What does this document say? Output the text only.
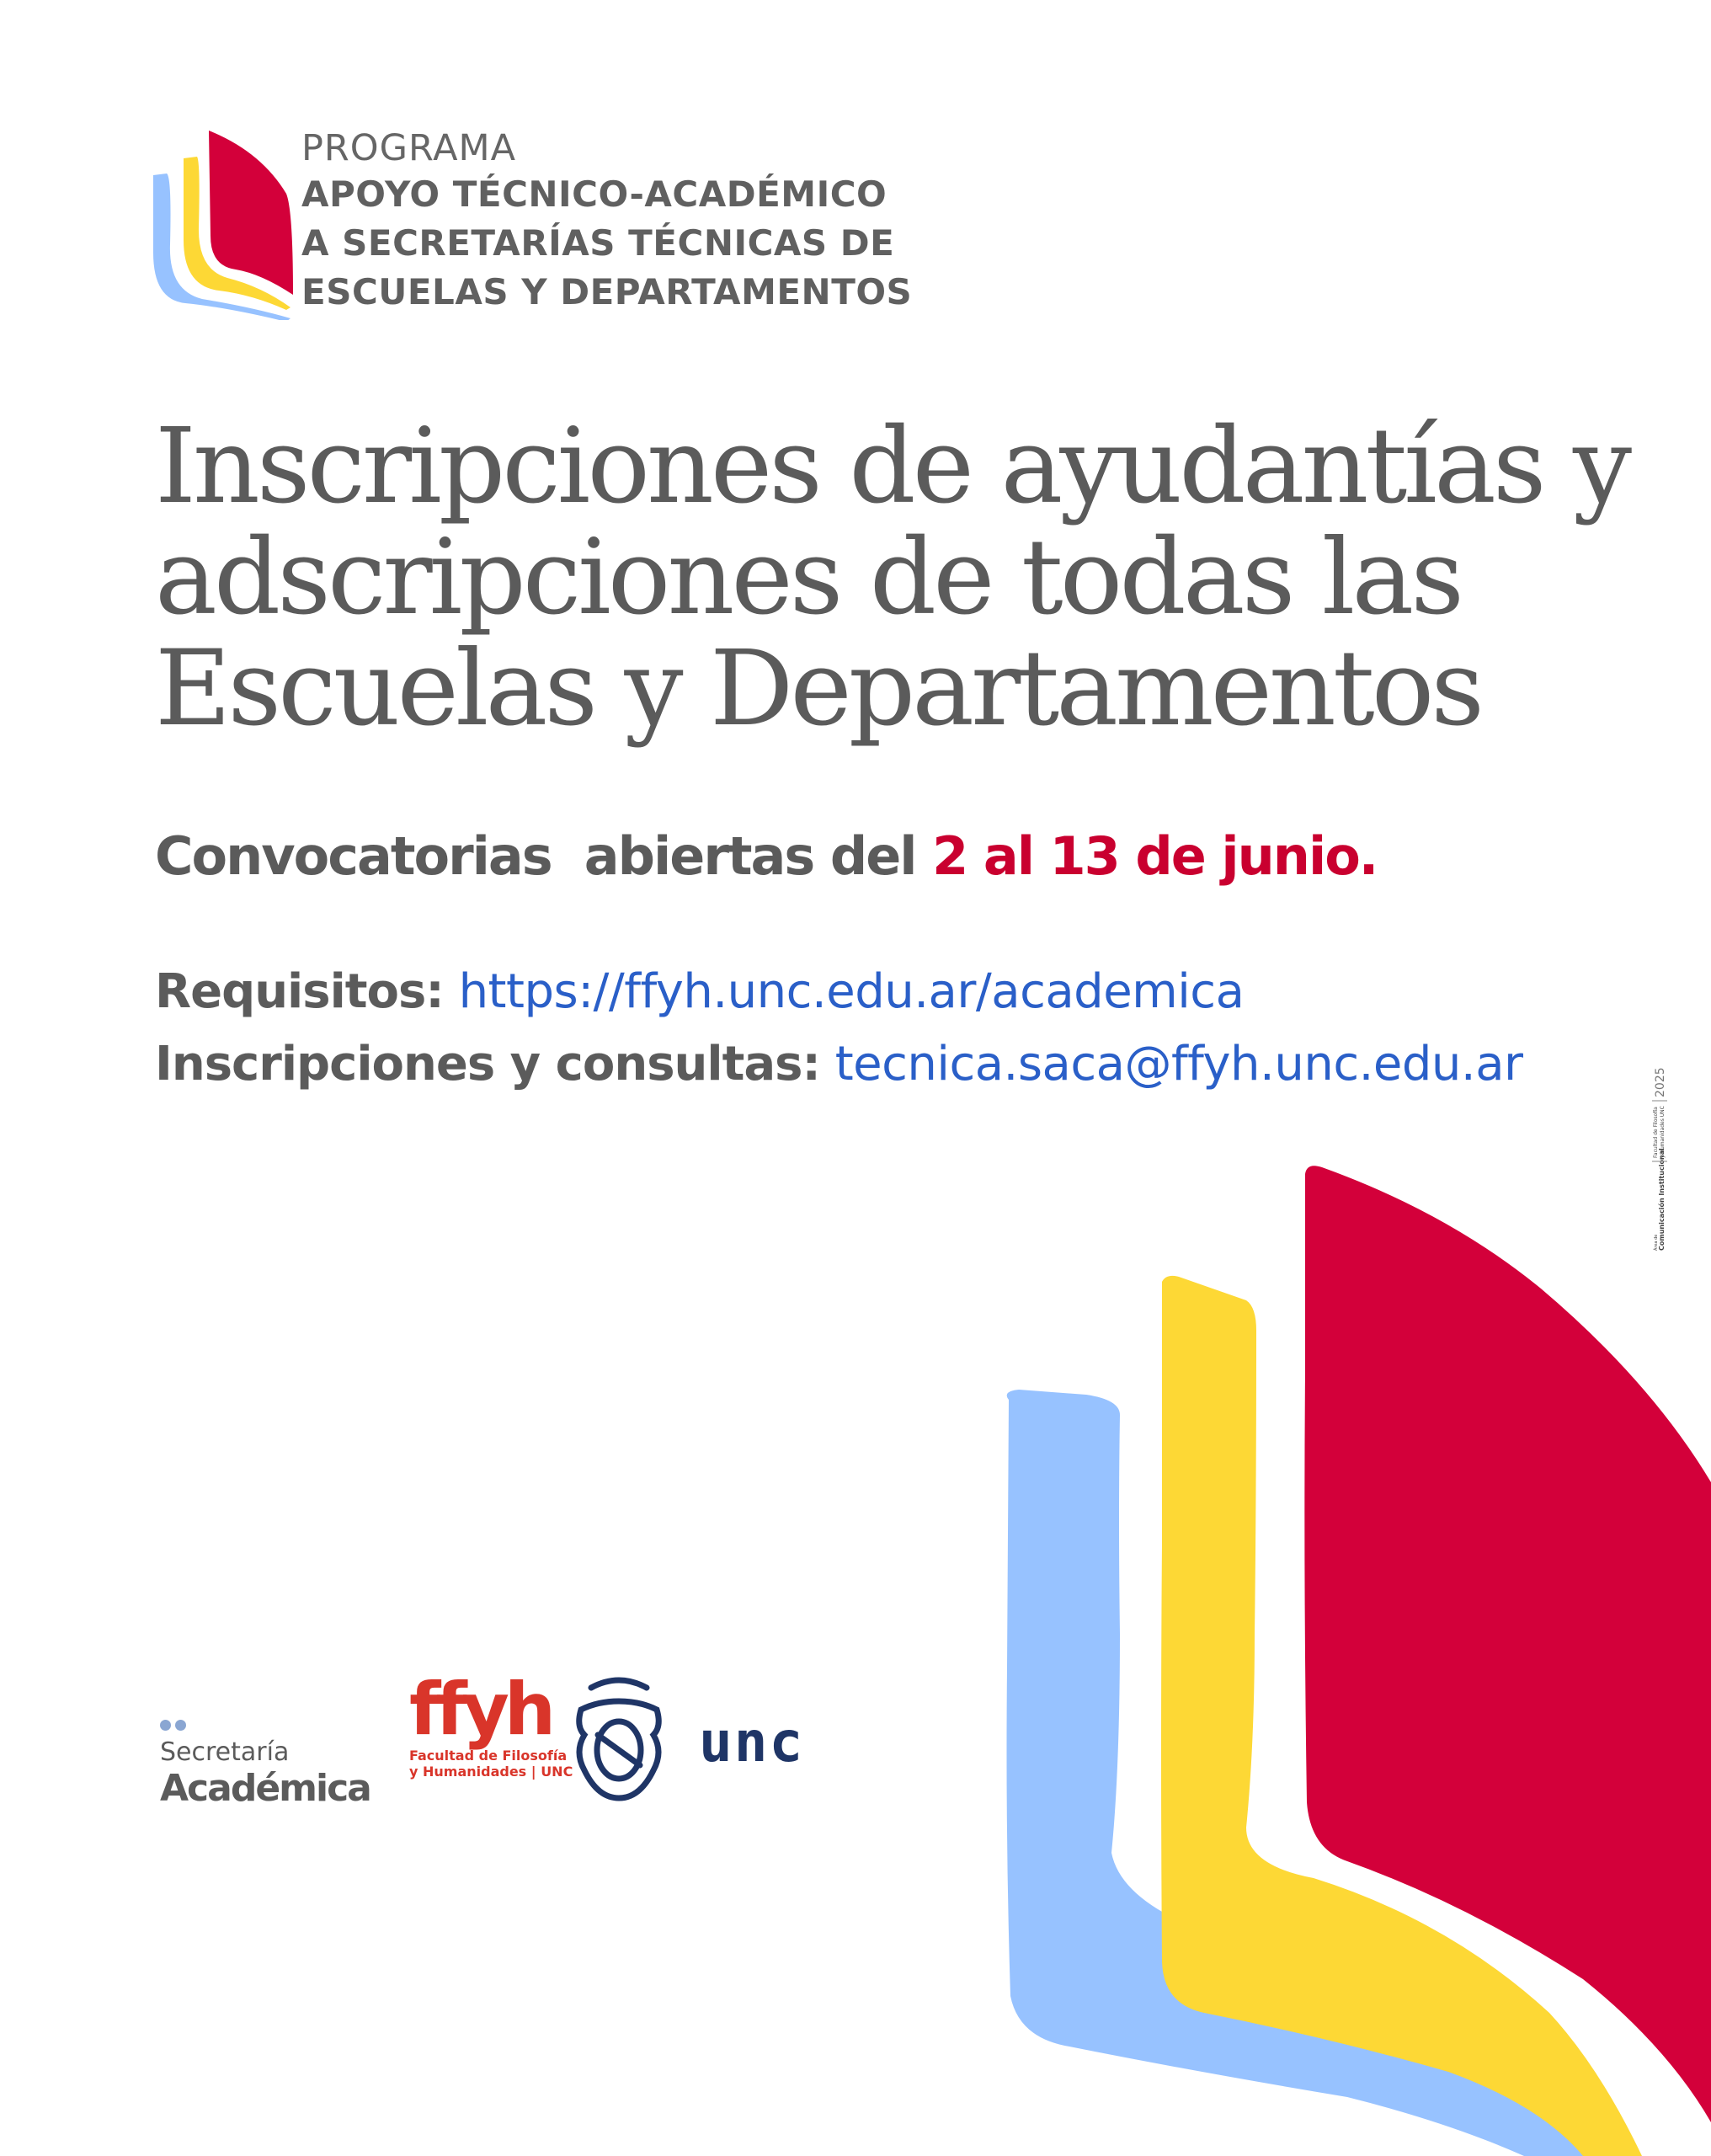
PROGRAMA
APOYO TÉCNICO-ACADÉMICO
A SECRETARÍAS TÉCNICAS DE
ESCUELAS Y DEPARTAMENTOS
Inscripciones de ayudantías y
adscripciones de todas las
Escuelas y Departamentos
Convocatorias  abiertas del 2 al 13 de junio.
Requisitos: https://ffyh.unc.edu.ar/academica
Inscripciones y consultas: tecnica.saca@ffyh.unc.edu.ar
Área de Comunicación Institucional
Facultad de Filosofía y Humanidades UNC
2025
Secretaría
Académica
ffyh
Facultad de Filosofía
y Humanidades | UNC unc
